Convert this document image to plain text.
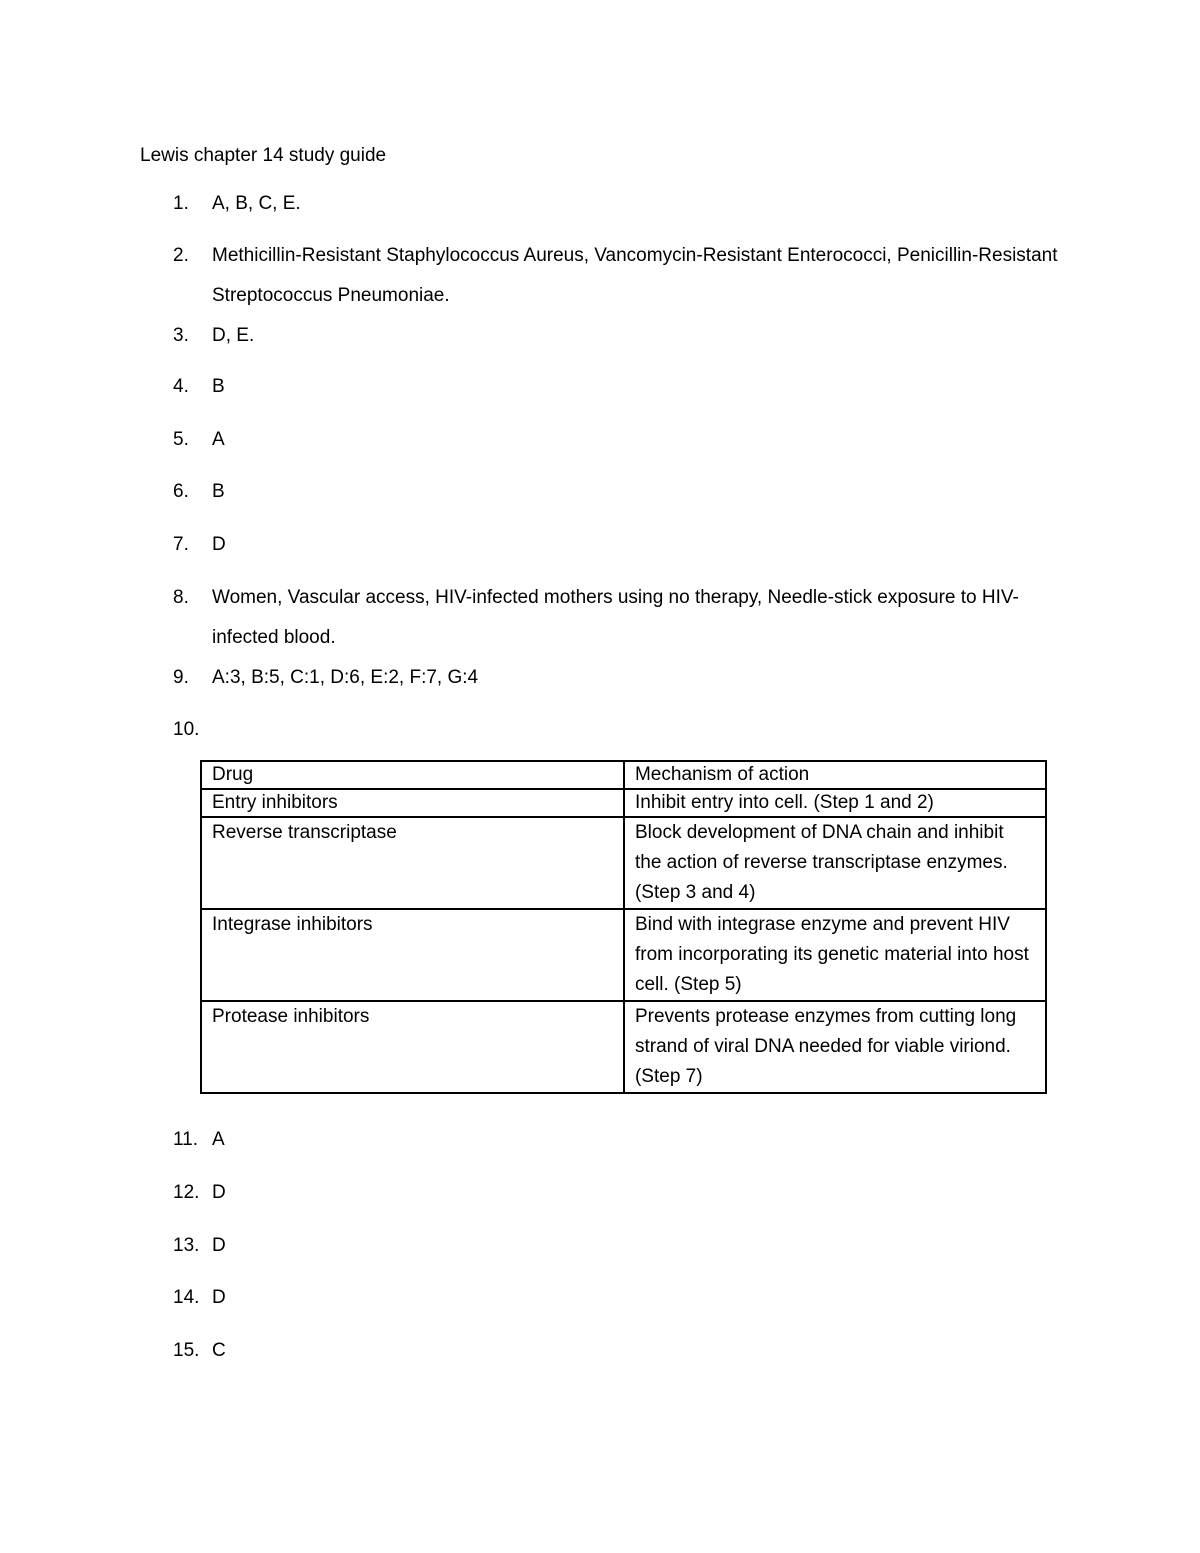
Lewis chapter 14 study guide
1. A, B, C, E.
2. Methicillin-Resistant Staphylococcus Aureus, Vancomycin-Resistant Enterococci, Penicillin-Resistant Streptococcus Pneumoniae.
3. D, E.
4. B
5. A
6. B
7. D
8. Women, Vascular access, HIV-infected mothers using no therapy, Needle-stick exposure to HIV-infected blood.
9. A:3, B:5, C:1, D:6, E:2, F:7, G:4
10.
Drug	Mechanism of action
Entry inhibitors	Inhibit entry into cell. (Step 1 and 2)
Reverse transcriptase	Block development of DNA chain and inhibit the action of reverse transcriptase enzymes. (Step 3 and 4)
Integrase inhibitors	Bind with integrase enzyme and prevent HIV from incorporating its genetic material into host cell. (Step 5)
Protease inhibitors	Prevents protease enzymes from cutting long strand of viral DNA needed for viable viriond. (Step 7)
11. A
12. D
13. D
14. D
15. C
